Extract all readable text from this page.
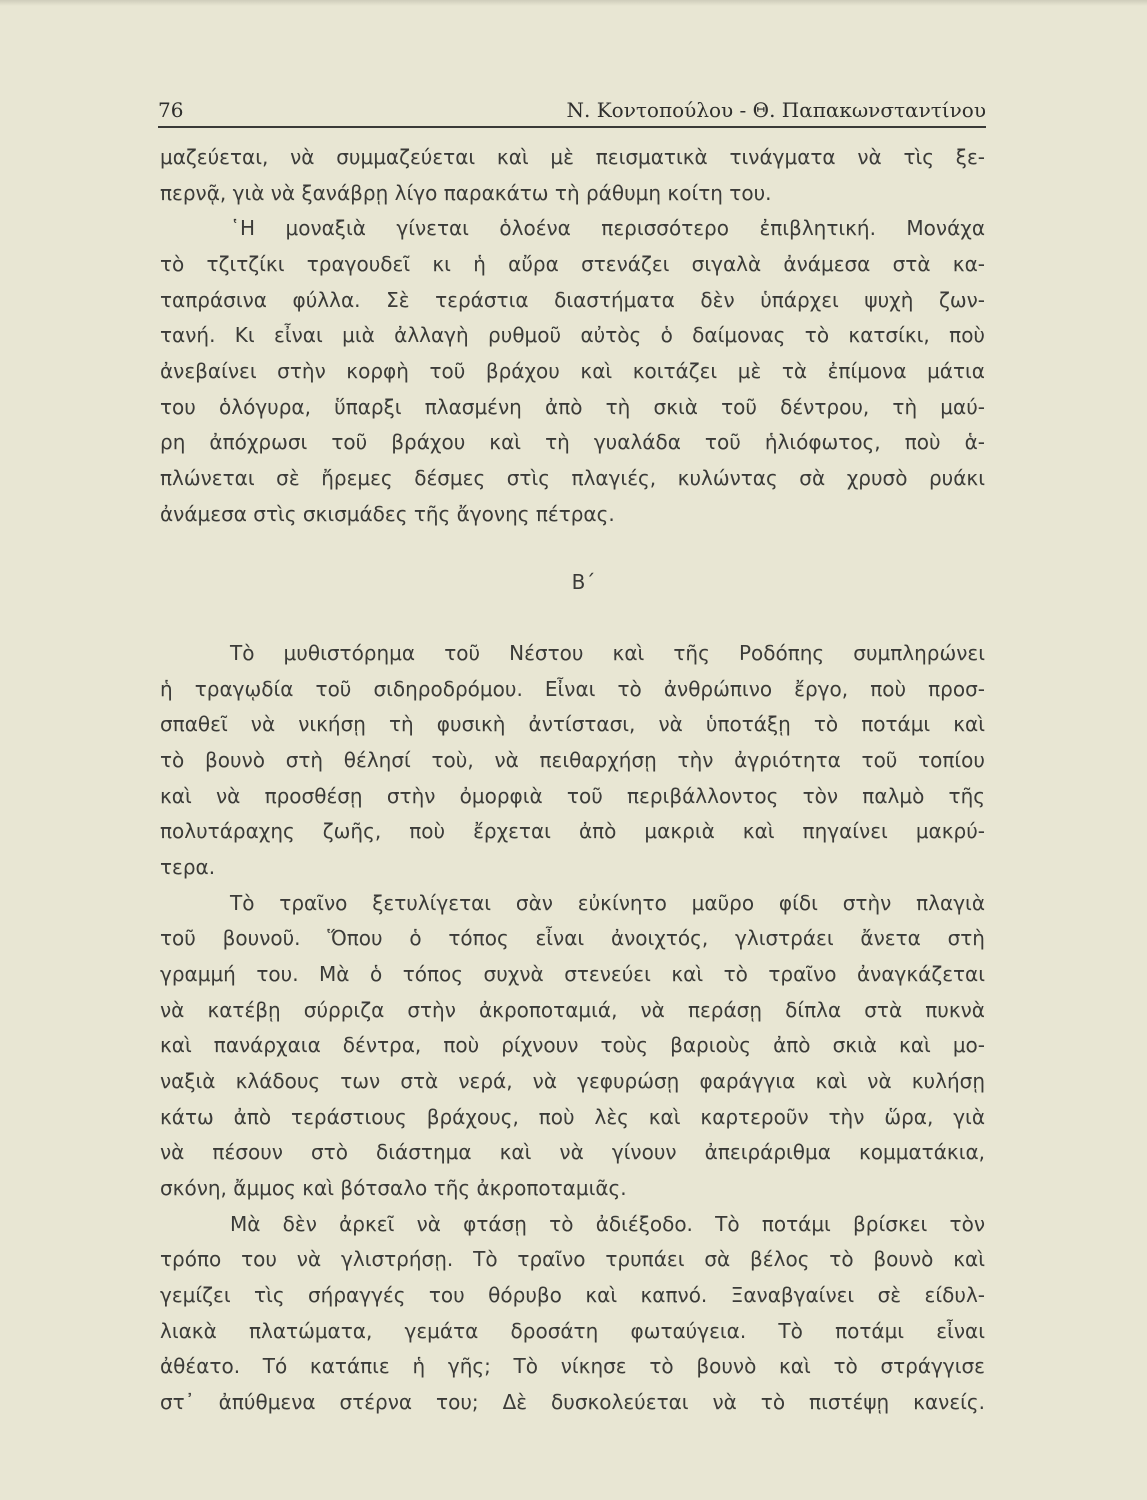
76	Ν. Κοντοπούλου - Θ. Παπακωνσταντίνου
μαζεύεται, νὰ συμμαζεύεται καὶ μὲ πεισματικὰ τινάγματα νὰ τὶς ξε-
περνᾷ, γιὰ νὰ ξανάβρῃ λίγο παρακάτω τὴ ράθυμη κοίτη του.
῾Η μοναξιὰ γίνεται ὁλοένα περισσότερο ἐπιβλητική. Μονάχα
τὸ τζιτζίκι τραγουδεῖ κι ἡ αὔρα στενάζει σιγαλὰ ἀνάμεσα στὰ κα-
ταπράσινα φύλλα. Σὲ τεράστια διαστήματα δὲν ὑπάρχει ψυχὴ ζων-
τανή. Κι εἶναι μιὰ ἀλλαγὴ ρυθμοῦ αὐτὸς ὁ δαίμονας τὸ κατσίκι, ποὺ
ἀνεβαίνει στὴν κορφὴ τοῦ βράχου καὶ κοιτάζει μὲ τὰ ἐπίμονα μάτια
του ὁλόγυρα, ὕπαρξι πλασμένη ἀπὸ τὴ σκιὰ τοῦ δέντρου, τὴ μαύ-
ρη ἀπόχρωσι τοῦ βράχου καὶ τὴ γυαλάδα τοῦ ἡλιόφωτος, ποὺ ἁ-
πλώνεται σὲ ἤρεμες δέσμες στὶς πλαγιές, κυλώντας σὰ χρυσὸ ρυάκι
ἀνάμεσα στὶς σκισμάδες τῆς ἄγονης πέτρας.
Β΄
Τὸ μυθιστόρημα τοῦ Νέστου καὶ τῆς Ροδόπης συμπληρώνει
ἡ τραγῳδία τοῦ σιδηροδρόμου. Εἶναι τὸ ἀνθρώπινο ἔργο, ποὺ προσ-
σπαθεῖ νὰ νικήσῃ τὴ φυσικὴ ἀντίστασι, νὰ ὑποτάξῃ τὸ ποτάμι καὶ
τὸ βουνὸ στὴ θέλησί τοὺ, νὰ πειθαρχήσῃ τὴν ἀγριότητα τοῦ τοπίου
καὶ νὰ προσθέσῃ στὴν ὀμορφιὰ τοῦ περιβάλλοντος τὸν παλμὸ τῆς
πολυτάραχης ζωῆς, ποὺ ἔρχεται ἀπὸ μακριὰ καὶ πηγαίνει μακρύ-
τερα.
Τὸ τραῖνο ξετυλίγεται σὰν εὐκίνητο μαῦρο φίδι στὴν πλαγιὰ
τοῦ βουνοῦ. Ὅπου ὁ τόπος εἶναι ἀνοιχτός, γλιστράει ἄνετα στὴ
γραμμή του. Μὰ ὁ τόπος συχνὰ στενεύει καὶ τὸ τραῖνο ἀναγκάζεται
νὰ κατέβῃ σύρριζα στὴν ἀκροποταμιά, νὰ περάσῃ δίπλα στὰ πυκνὰ
καὶ πανάρχαια δέντρα, ποὺ ρίχνουν τοὺς βαριοὺς ἀπὸ σκιὰ καὶ μο-
ναξιὰ κλάδους των στὰ νερά, νὰ γεφυρώσῃ φαράγγια καὶ νὰ κυλήσῃ
κάτω ἀπὸ τεράστιους βράχους, ποὺ λὲς καὶ καρτεροῦν τὴν ὥρα, γιὰ
νὰ πέσουν στὸ διάστημα καὶ νὰ γίνουν ἀπειράριθμα κομματάκια,
σκόνη, ἄμμος καὶ βότσαλο τῆς ἀκροποταμιᾶς.
Μὰ δὲν ἀρκεῖ νὰ φτάσῃ τὸ ἀδιέξοδο. Τὸ ποτάμι βρίσκει τὸν
τρόπο του νὰ γλιστρήσῃ. Τὸ τραῖνο τρυπάει σὰ βέλος τὸ βουνὸ καὶ
γεμίζει τὶς σήραγγές του θόρυβο καὶ καπνό. Ξαναβγαίνει σὲ είδυλ-
λιακὰ πλατώματα, γεμάτα δροσάτη φωταύγεια. Τὸ ποτάμι εἶναι
ἀθέατο. Τό κατάπιε ἡ γῆς; Τὸ νίκησε τὸ βουνὸ καὶ τὸ στράγγισε
στ᾽ ἀπύθμενα στέρνα του; Δὲ δυσκολεύεται νὰ τὸ πιστέψῃ κανείς.
